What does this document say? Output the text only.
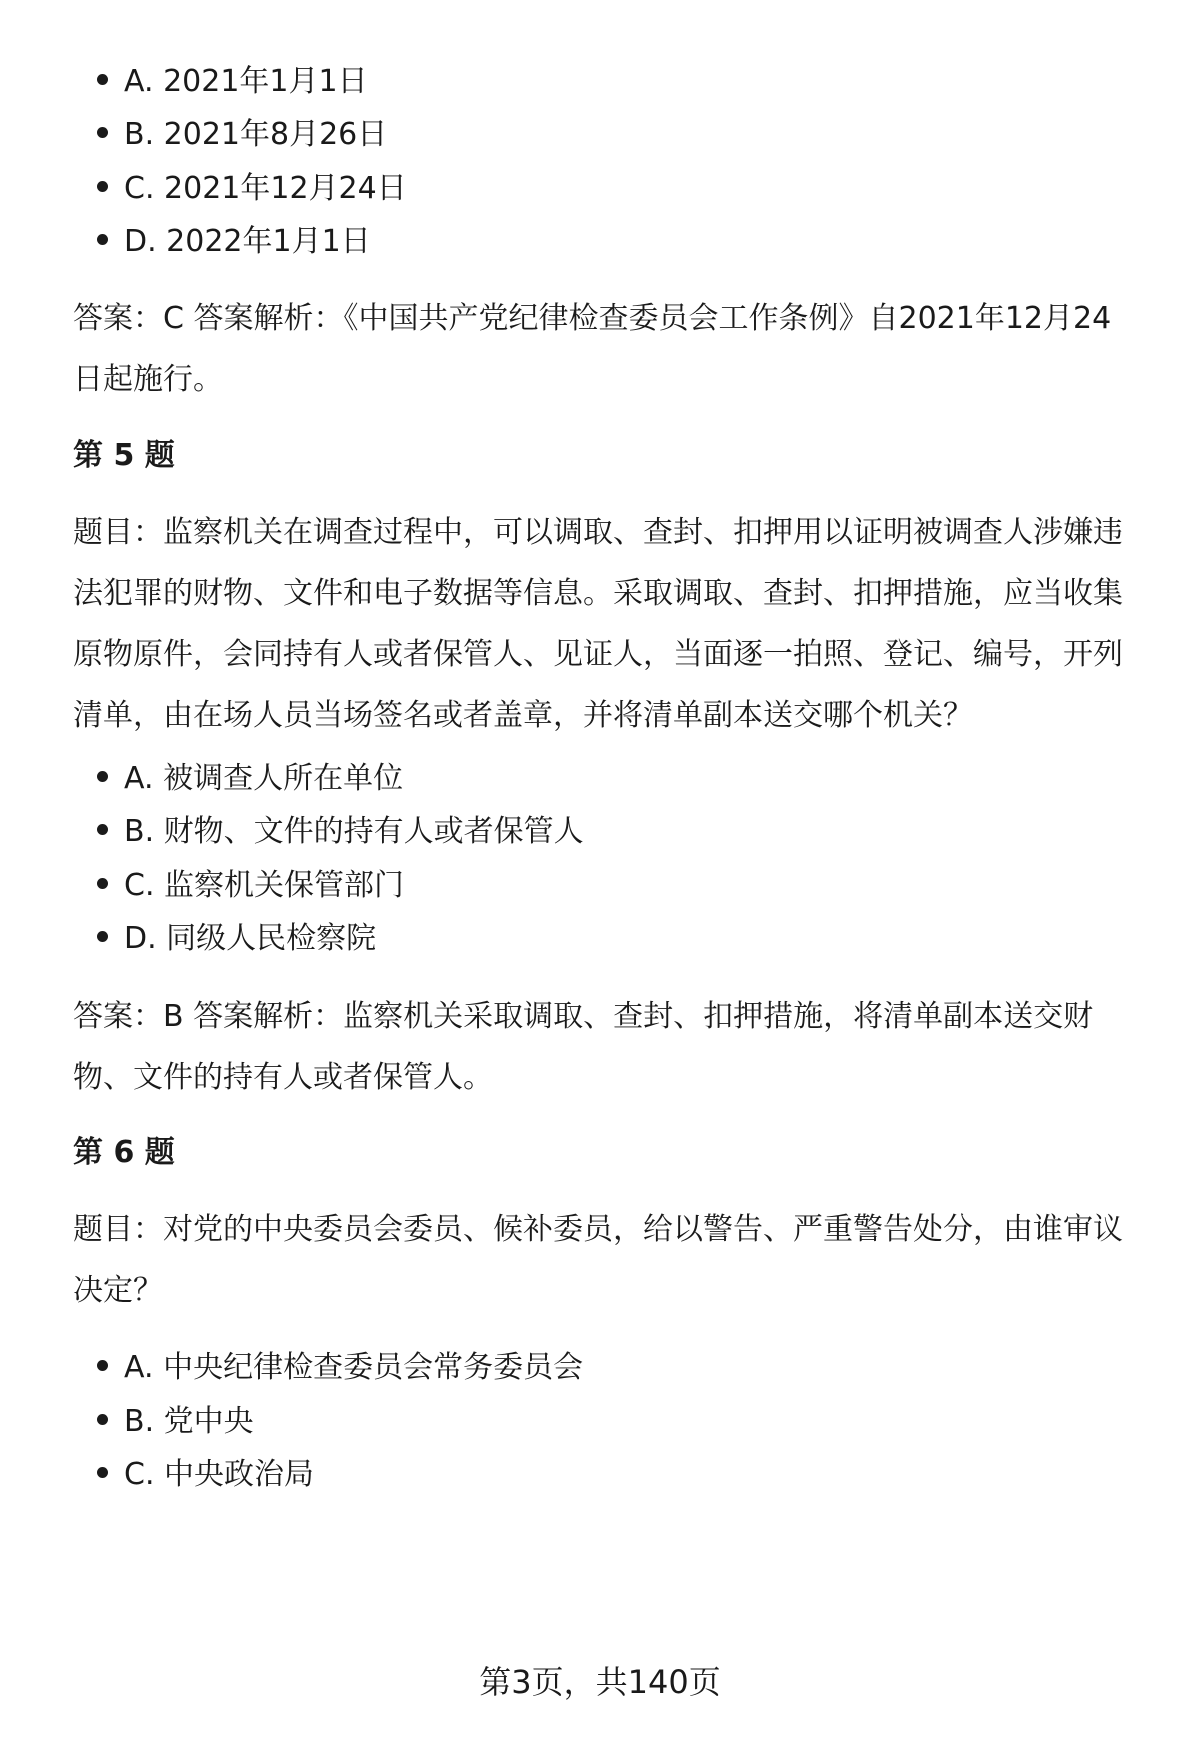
A. 2021年1月1日
B. 2021年8月26日
C. 2021年12月24日
D. 2022年1月1日
答案：C 答案解析：《中国共产党纪律检查委员会工作条例》自2021年12月24日起施行。
第 5 题
题目：监察机关在调查过程中，可以调取、查封、扣押用以证明被调查人涉嫌违法犯罪的财物、文件和电子数据等信息。采取调取、查封、扣押措施，应当收集原物原件，会同持有人或者保管人、见证人，当面逐一拍照、登记、编号，开列清单，由在场人员当场签名或者盖章，并将清单副本送交哪个机关？
A. 被调查人所在单位
B. 财物、文件的持有人或者保管人
C. 监察机关保管部门
D. 同级人民检察院
答案：B 答案解析：监察机关采取调取、查封、扣押措施，将清单副本送交财物、文件的持有人或者保管人。
第 6 题
题目：对党的中央委员会委员、候补委员，给以警告、严重警告处分，由谁审议决定？
A. 中央纪律检查委员会常务委员会
B. 党中央
C. 中央政治局
第3页，共140页
